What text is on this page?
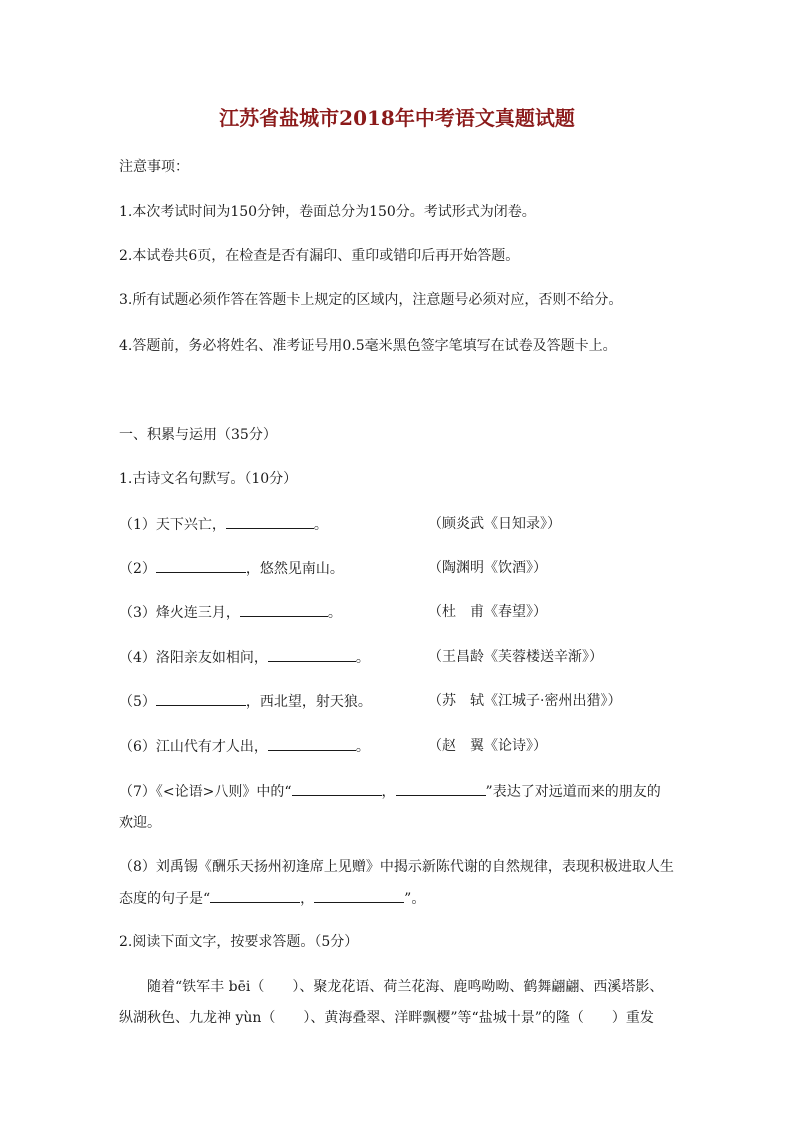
江苏省盐城市2018年中考语文真题试题
注意事项：
1.本次考试时间为150分钟，卷面总分为150分。考试形式为闭卷。
2.本试卷共6页，在检查是否有漏印、重印或错印后再开始答题。
3.所有试题必须作答在答题卡上规定的区域内，注意题号必须对应，否则不给分。
4.答题前，务必将姓名、准考证号用0.5毫米黑色签字笔填写在试卷及答题卡上。
一、积累与运用（35分）
1.古诗文名句默写。（10分）
（1）天下兴亡，	。	（顾炎武《日知录》）
（2）	，悠然见南山。	（陶渊明《饮酒》）
（3）烽火连三月，	。	（杜　甫《春望》）
（4）洛阳亲友如相问，	。	（王昌龄《芙蓉楼送辛渐》）
（5）	，西北望，射天狼。	（苏　轼《江城子·密州出猎》）
（6）江山代有才人出，	。	（赵　翼《论诗》）
（7）《<论语>八则》中的“	，	”表达了对远道而来的朋友的
欢迎。
（8）刘禹锡《酬乐天扬州初逢席上见赠》中揭示新陈代谢的自然规律，表现积极进取人生
态度的句子是“	，	”。
2.阅读下面文字，按要求答题。（5分）
随着“铁军丰 bēi（　　）、聚龙花语、荷兰花海、鹿鸣呦呦、鹤舞翩翩、西溪塔影、
纵湖秋色、九龙神 yùn（　　）、黄海叠翠、洋畔飘樱”等“盐城十景”的隆（　　）重发
